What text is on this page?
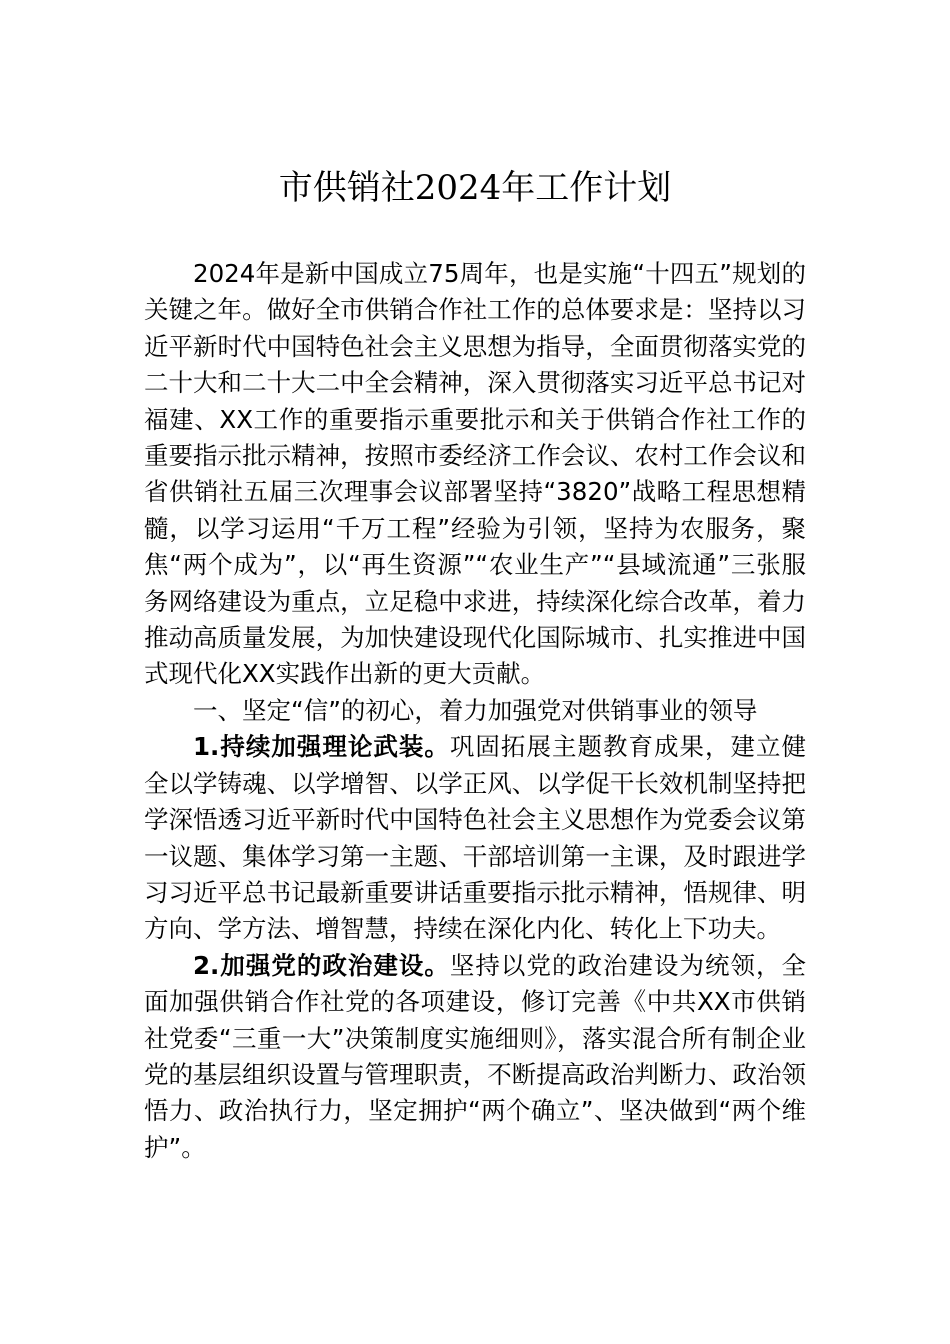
市供销社2024年工作计划

2024年是新中国成立75周年，也是实施“十四五”规划的关键之年。做好全市供销合作社工作的总体要求是：坚持以习近平新时代中国特色社会主义思想为指导，全面贯彻落实党的二十大和二十大二中全会精神，深入贯彻落实习近平总书记对福建、XX工作的重要指示重要批示和关于供销合作社工作的重要指示批示精神，按照市委经济工作会议、农村工作会议和省供销社五届三次理事会议部署坚持“3820”战略工程思想精髓，以学习运用“千万工程”经验为引领，坚持为农服务，聚焦“两个成为”，以“再生资源”“农业生产”“县域流通”三张服务网络建设为重点，立足稳中求进，持续深化综合改革，着力推动高质量发展，为加快建设现代化国际城市、扎实推进中国式现代化XX实践作出新的更大贡献。

一、坚定“信”的初心，着力加强党对供销事业的领导

1.持续加强理论武装。巩固拓展主题教育成果，建立健全以学铸魂、以学增智、以学正风、以学促干长效机制坚持把学深悟透习近平新时代中国特色社会主义思想作为党委会议第一议题、集体学习第一主题、干部培训第一主课，及时跟进学习习近平总书记最新重要讲话重要指示批示精神，悟规律、明方向、学方法、增智慧，持续在深化内化、转化上下功夫。

2.加强党的政治建设。坚持以党的政治建设为统领，全面加强供销合作社党的各项建设，修订完善《中共XX市供销社党委“三重一大”决策制度实施细则》，落实混合所有制企业党的基层组织设置与管理职责，不断提高政治判断力、政治领悟力、政治执行力，坚定拥护“两个确立”、坚决做到“两个维护”。
